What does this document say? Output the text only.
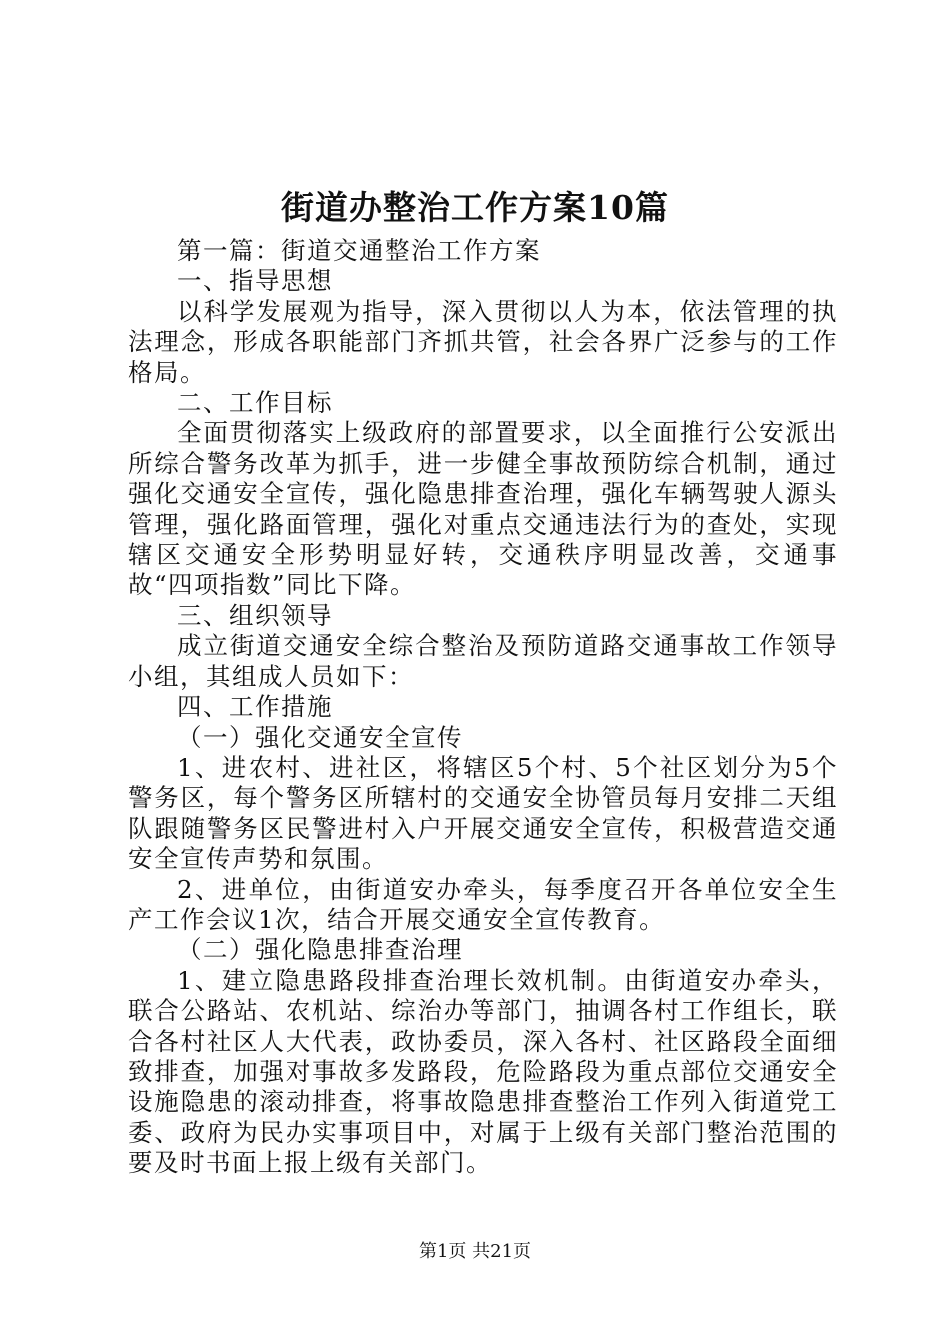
街道办整治工作方案10篇

第一篇：街道交通整治工作方案

一、指导思想

以科学发展观为指导，深入贯彻以人为本，依法管理的执法理念，形成各职能部门齐抓共管，社会各界广泛参与的工作格局。

二、工作目标

全面贯彻落实上级政府的部置要求，以全面推行公安派出所综合警务改革为抓手，进一步健全事故预防综合机制，通过强化交通安全宣传，强化隐患排查治理，强化车辆驾驶人源头管理，强化路面管理，强化对重点交通违法行为的查处，实现辖区交通安全形势明显好转，交通秩序明显改善，交通事故“四项指数”同比下降。

三、组织领导

成立街道交通安全综合整治及预防道路交通事故工作领导小组，其组成人员如下：

四、工作措施

（一）强化交通安全宣传

1、进农村、进社区，将辖区5个村、5个社区划分为5个警务区，每个警务区所辖村的交通安全协管员每月安排二天组队跟随警务区民警进村入户开展交通安全宣传，积极营造交通安全宣传声势和氛围。

2、进单位，由街道安办牵头，每季度召开各单位安全生产工作会议1次，结合开展交通安全宣传教育。

（二）强化隐患排查治理

1、建立隐患路段排查治理长效机制。由街道安办牵头，联合公路站、农机站、综治办等部门，抽调各村工作组长，联合各村社区人大代表，政协委员，深入各村、社区路段全面细致排查，加强对事故多发路段，危险路段为重点部位交通安全设施隐患的滚动排查，将事故隐患排查整治工作列入街道党工委、政府为民办实事项目中，对属于上级有关部门整治范围的要及时书面上报上级有关部门。

第1页 共21页
